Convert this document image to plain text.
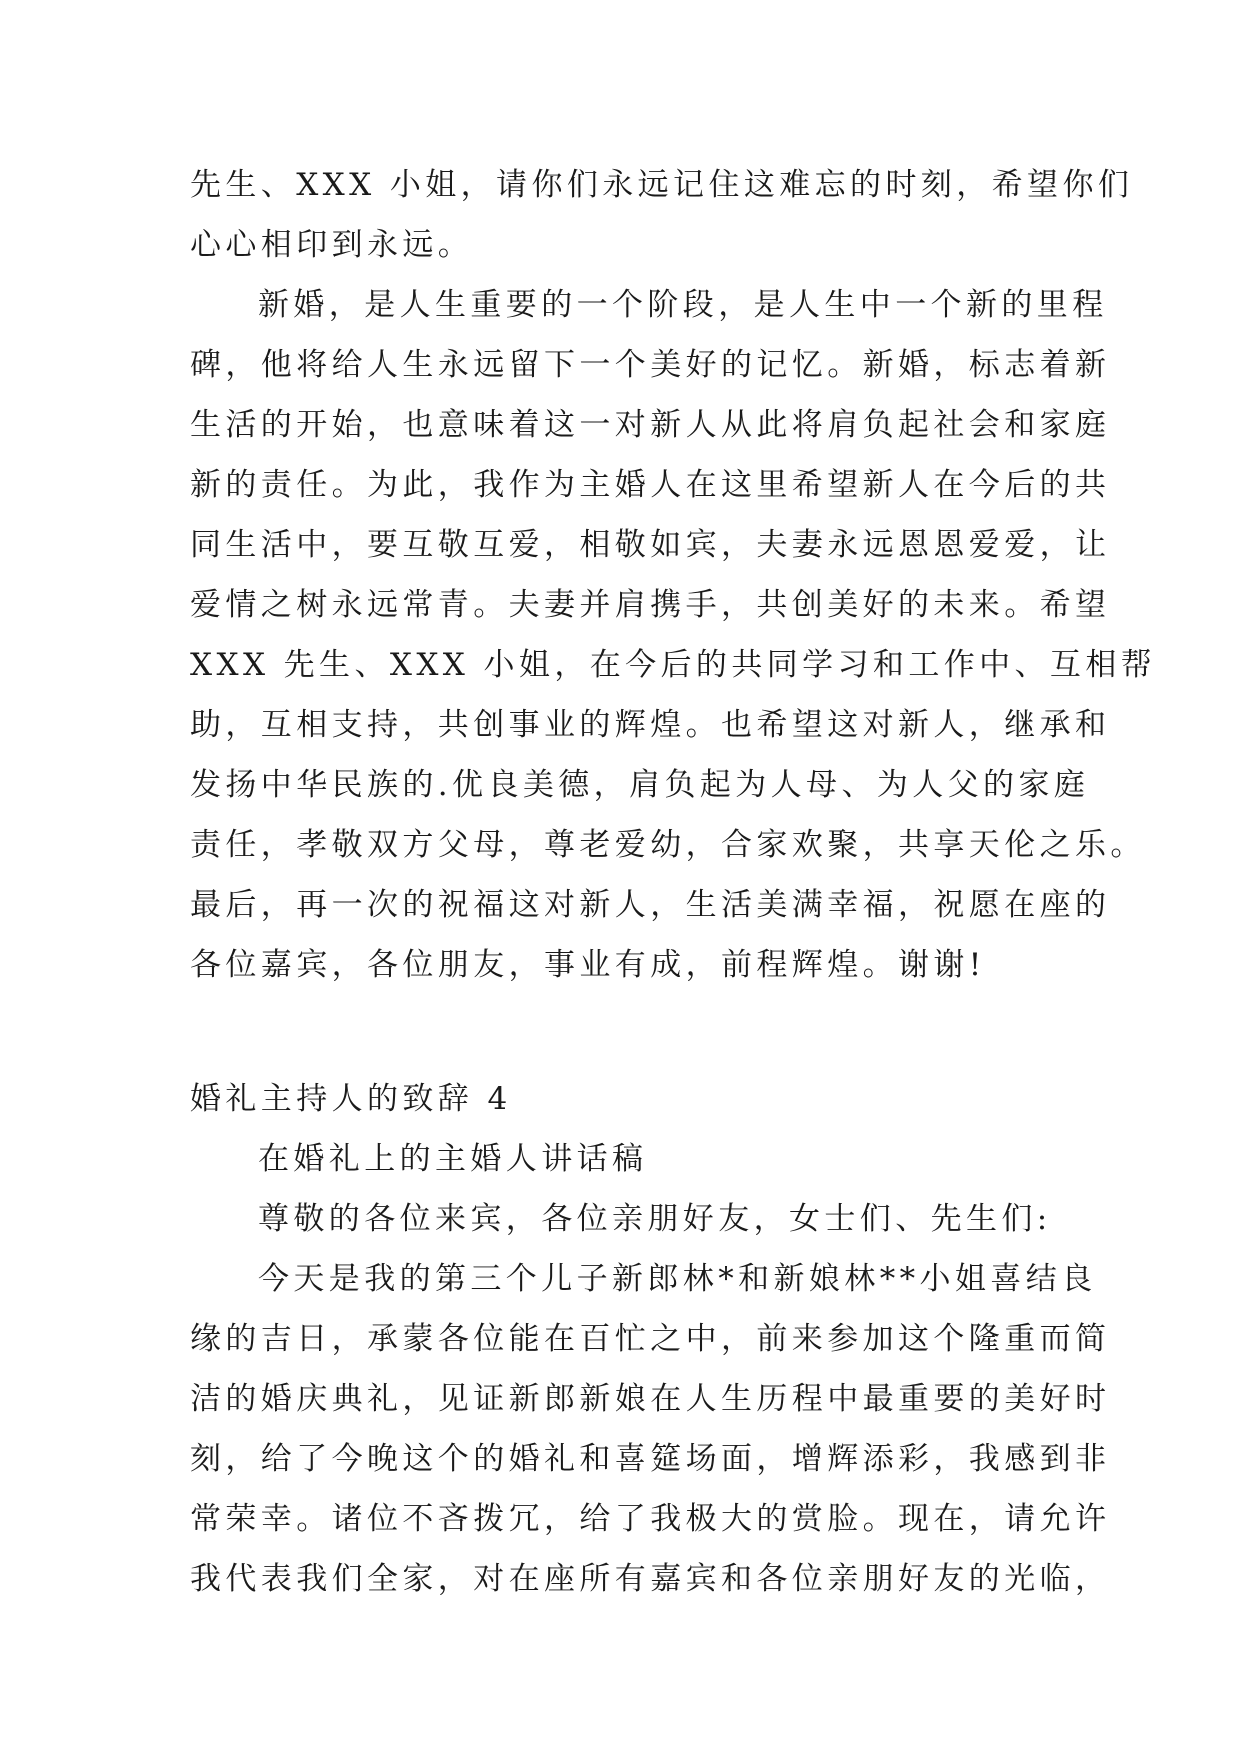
先生、XXX 小姐，请你们永远记住这难忘的时刻，希望你们
心心相印到永远。
新婚，是人生重要的一个阶段，是人生中一个新的里程
碑，他将给人生永远留下一个美好的记忆。新婚，标志着新
生活的开始，也意味着这一对新人从此将肩负起社会和家庭
新的责任。为此，我作为主婚人在这里希望新人在今后的共
同生活中，要互敬互爱，相敬如宾，夫妻永远恩恩爱爱，让
爱情之树永远常青。夫妻并肩携手，共创美好的未来。希望
XXX 先生、XXX 小姐，在今后的共同学习和工作中、互相帮
助，互相支持，共创事业的辉煌。也希望这对新人，继承和
发扬中华民族的.优良美德，肩负起为人母、为人父的家庭
责任，孝敬双方父母，尊老爱幼，合家欢聚，共享天伦之乐。
最后，再一次的祝福这对新人，生活美满幸福，祝愿在座的
各位嘉宾，各位朋友，事业有成，前程辉煌。谢谢!
婚礼主持人的致辞 4
在婚礼上的主婚人讲话稿
尊敬的各位来宾，各位亲朋好友，女士们、先生们:
今天是我的第三个儿子新郎林*和新娘林**小姐喜结良
缘的吉日，承蒙各位能在百忙之中，前来参加这个隆重而简
洁的婚庆典礼，见证新郎新娘在人生历程中最重要的美好时
刻，给了今晚这个的婚礼和喜筵场面，增辉添彩，我感到非
常荣幸。诸位不吝拨冗，给了我极大的赏脸。现在，请允许
我代表我们全家，对在座所有嘉宾和各位亲朋好友的光临，
